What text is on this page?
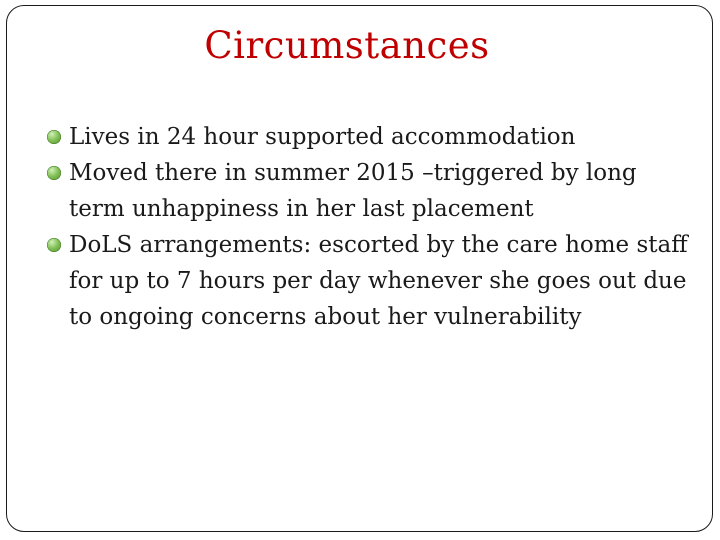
Circumstances
Lives in 24 hour supported accommodation
Moved there in summer 2015 –triggered by long term unhappiness in her last placement
DoLS arrangements: escorted by the care home staff for up to 7 hours per day whenever she goes out due to ongoing concerns about her vulnerability
